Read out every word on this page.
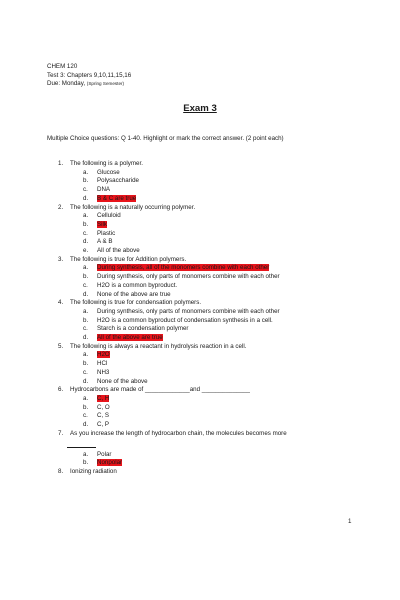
CHEM 120
Test 3: Chapters 9,10,11,15,16
Due: Monday, (Spring Semester)
Exam 3
Multiple Choice questions: Q 1-40. Highlight or mark the correct answer. (2 point each)
1. The following is a polymer.
a. Glucose
b. Polysaccharide
c. DNA
d. B & C are true
2. The following is a naturally occurring polymer.
a. Celluloid
b. Silk
c. Plastic
d. A & B
e. All of the above
3. The following is true for Addition polymers.
a. During synthesis, all of the monomers combine with each other
b. During synthesis, only parts of monomers combine with each other
c. H2O is a common byproduct.
d. None of the above are true
4. The following is true for condensation polymers.
a. During synthesis, only parts of monomers combine with each other
b. H2O is a common byproduct of condensation synthesis in a cell.
c. Starch is a condensation polymer
d. All of the above are true
5. The following is always a reactant in hydrolysis reaction in a cell.
a. H2O
b. HCl
c. NH3
d. None of the above
6. Hydrocarbons are made of _____________and ______________
a. C, H
b. C, O
c. C, S
d. C, P
7. As you increase the length of hydrocarbon chain, the molecules becomes more
a. Polar
b. Nonpolar
8. Ionizing radiation
1
